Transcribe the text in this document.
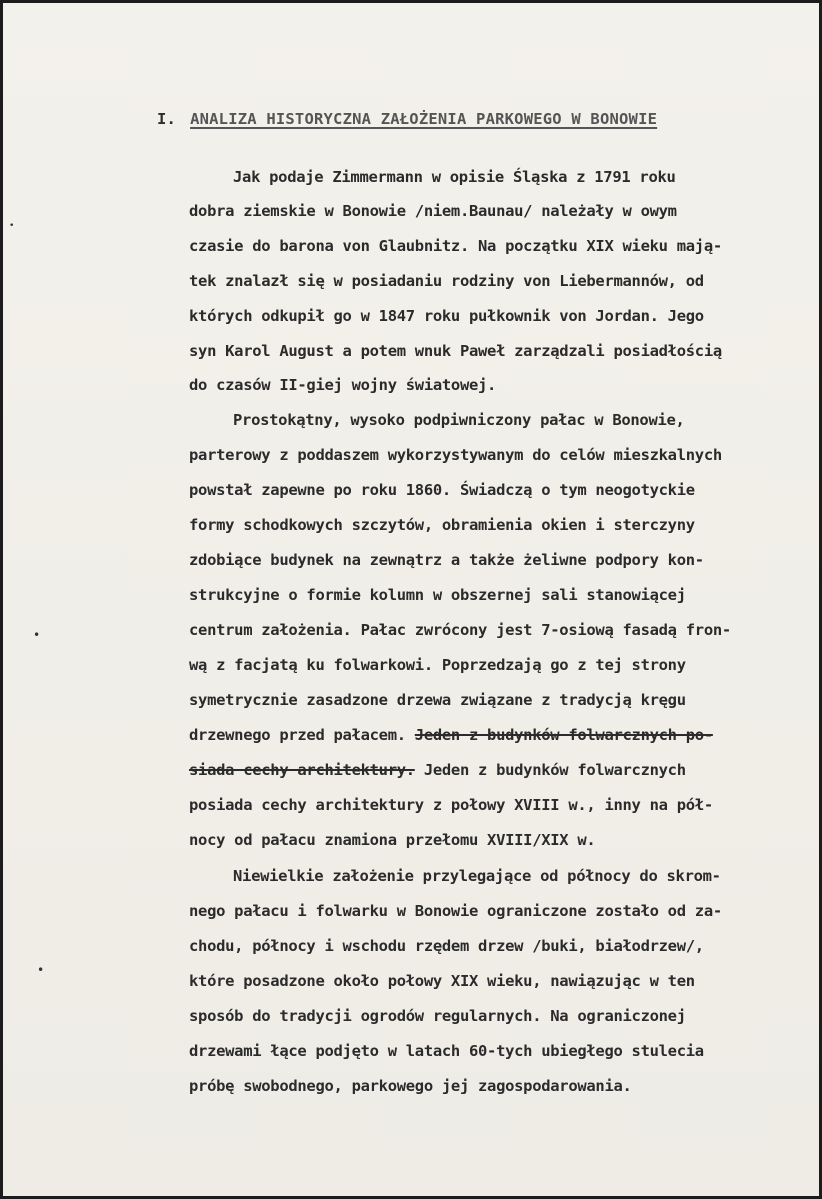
I. ANALIZA HISTORYCZNA ZAŁOŻENIA PARKOWEGO W BONOWIE
Jak podaje Zimmermann w opisie Śląska z 1791 roku
dobra ziemskie w Bonowie /niem.Baunau/ należały w owym
czasie do barona von Glaubnitz. Na początku XIX wieku mają-
tek znalazł się w posiadaniu rodziny von Liebermannów, od
których odkupił go w 1847 roku pułkownik von Jordan. Jego
syn Karol August a potem wnuk Paweł zarządzali posiadłością
do czasów II-giej wojny światowej.
Prostokątny, wysoko podpiwniczony pałac w Bonowie,
parterowy z poddaszem wykorzystywanym do celów mieszkalnych
powstał zapewne po roku 1860. Świadczą o tym neogotyckie
formy schodkowych szczytów, obramienia okien i sterczyny
zdobiące budynek na zewnątrz a także żeliwne podpory kon-
strukcyjne o formie kolumn w obszernej sali stanowiącej
centrum założenia. Pałac zwrócony jest 7-osiową fasadą fron-
wą z facjatą ku folwarkowi. Poprzedzają go z tej strony
symetrycznie zasadzone drzewa związane z tradycją kręgu
drzewnego przed pałacem. Jeden z budynków folwarcznych po-
siada cechy architektury. Jeden z budynków folwarcznych
posiada cechy architektury z połowy XVIII w., inny na pół-
nocy od pałacu znamiona przełomu XVIII/XIX w.
Niewielkie założenie przylegające od północy do skrom-
nego pałacu i folwarku w Bonowie ograniczone zostało od za-
chodu, północy i wschodu rzędem drzew /buki, białodrzew/,
które posadzone około połowy XIX wieku, nawiązując w ten
sposób do tradycji ogrodów regularnych. Na ograniczonej
drzewami łące podjęto w latach 60-tych ubiegłego stulecia
próbę swobodnego, parkowego jej zagospodarowania.
•
•
•
